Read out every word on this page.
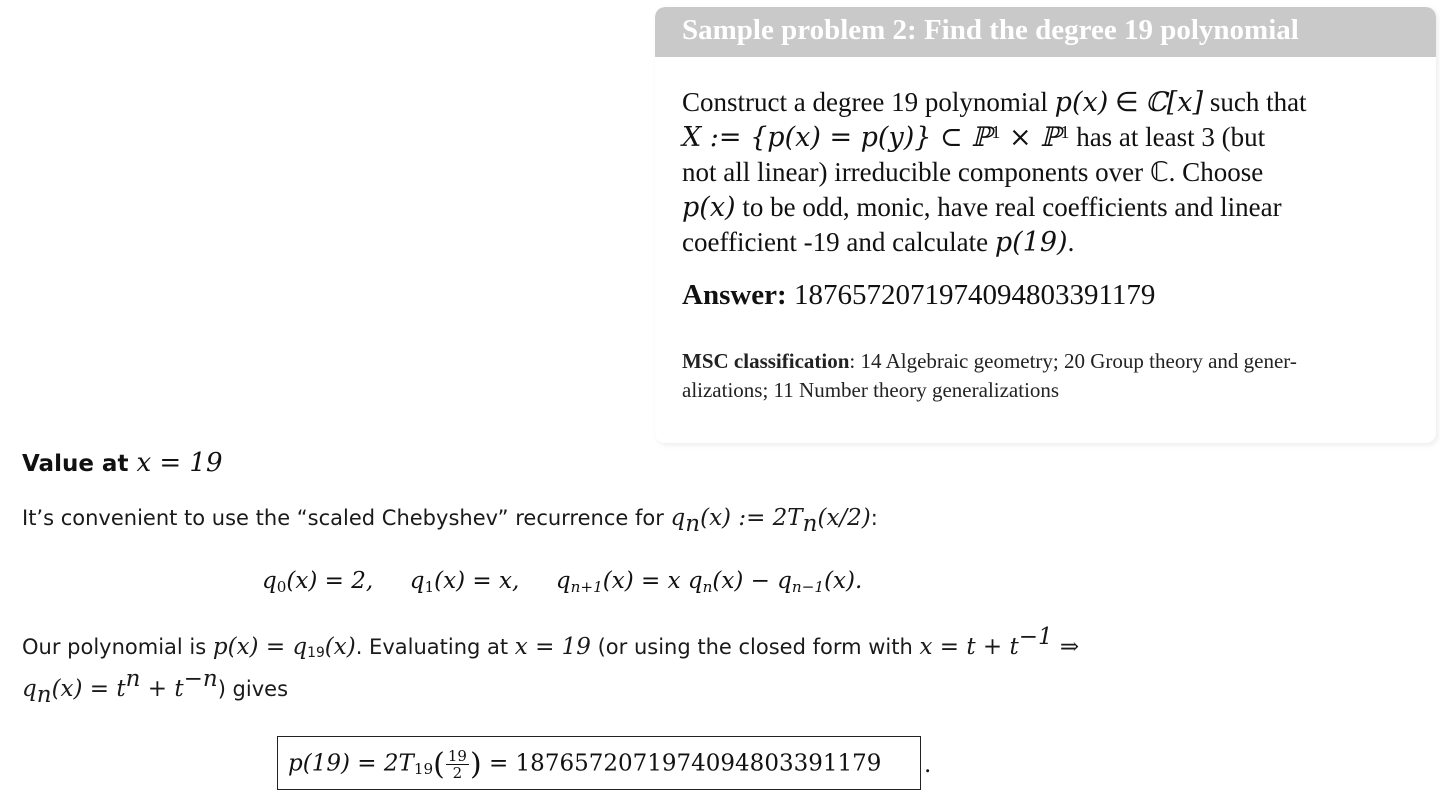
Sample problem 2: Find the degree 19 polynomial

Construct a degree 19 polynomial p(x) ∈ ℂ[x] such that

X := {p(x) = p(y)} ⊂ ℙ$^1$ × ℙ$^1$ has at least 3 (but

not all linear) irreducible components over ℂ. Choose

p(x) to be odd, monic, have real coefficients and linear

coefficient -19 and calculate p(19).

Answer: 1876572071974094803391179
MSC classification: 14 Algebraic geometry; 20 Group theory and gener-
alizations; 11 Number theory generalizations
Value at x = 19
It’s convenient to use the “scaled Chebyshev” recurrence for $q_n(x)$ := $2T_n(x/2)$:
$q_0(x) = 2$, $q_1(x) = x$, $q_{n+1}(x) = x$ $q_n(x) - q_{n-1}(x)$.
Our polynomial is $p(x) = q_{19}(x)$. Evaluating at x = 19 (or using the closed form with $x = t + t^{-1}$ ⇒
$q_n(x) = t^n + t^{-n}$) gives
$p(19) = 2T_{19}( \frac{19}{2}$ ) = 1876572071974094803391179 .
